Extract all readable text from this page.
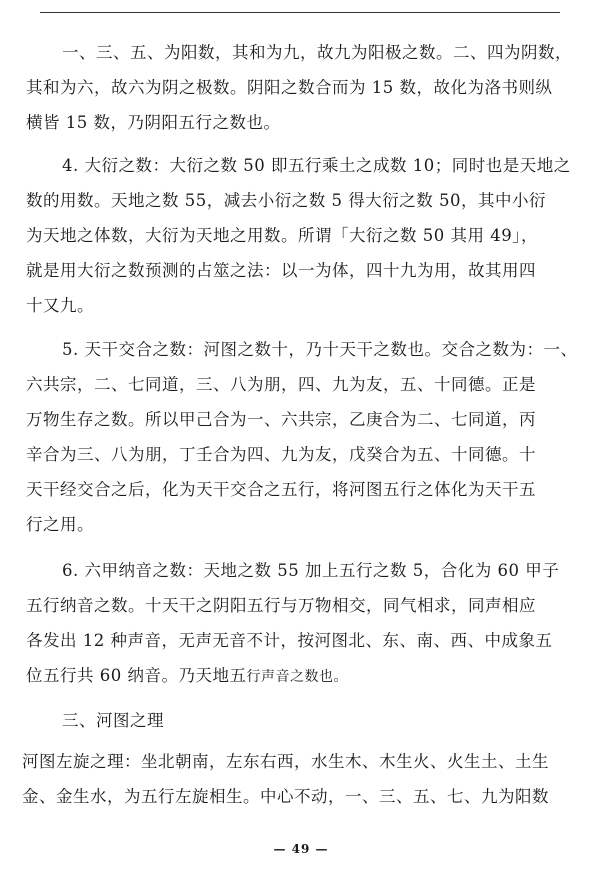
一、三、五、为阳数，其和为九，故九为阳极之数。二、四为阴数，
其和为六，故六为阴之极数。阴阳之数合而为 15 数，故化为洛书则纵
横皆 15 数，乃阴阳五行之数也。
4. 大衍之数：大衍之数 50 即五行乘土之成数 10；同时也是天地之
数的用数。天地之数 55，减去小衍之数 5 得大衍之数 50，其中小衍
为天地之体数，大衍为天地之用数。所谓「大衍之数 50 其用 49」，
就是用大衍之数预测的占筮之法：以一为体，四十九为用，故其用四
十又九。
5. 天干交合之数：河图之数十，乃十天干之数也。交合之数为：一、
六共宗，二、七同道，三、八为朋，四、九为友，五、十同德。正是
万物生存之数。所以甲己合为一、六共宗，乙庚合为二、七同道，丙
辛合为三、八为朋，丁壬合为四、九为友，戊癸合为五、十同德。十
天干经交合之后，化为天干交合之五行，将河图五行之体化为天干五
行之用。
6. 六甲纳音之数：天地之数 55 加上五行之数 5，合化为 60 甲子
五行纳音之数。十天干之阴阳五行与万物相交，同气相求，同声相应
各发出 12 种声音，无声无音不计，按河图北、东、南、西、中成象五
位五行共 60 纳音。乃天地五行声音之数也。
三、河图之理
河图左旋之理：坐北朝南，左东右西，水生木、木生火、火生土、土生
金、金生水，为五行左旋相生。中心不动，一、三、五、七、九为阳数
— 49 —
